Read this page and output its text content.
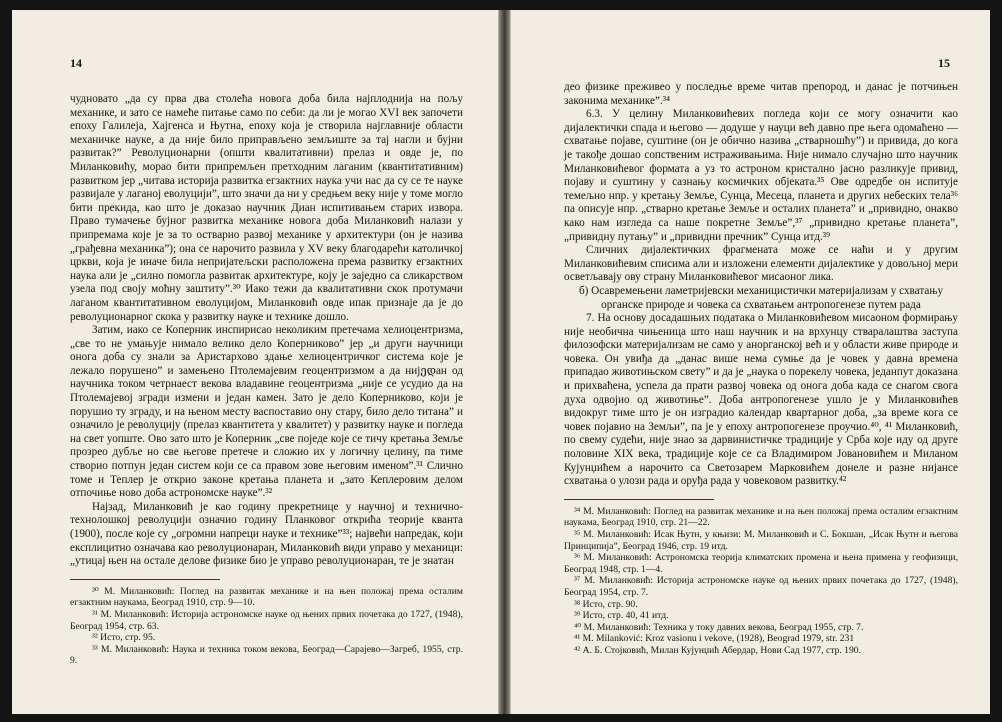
14

чудновато „да су прва два столећа новога доба била најплоднија на пољу механике, и зато се намеће питање само по себи: да ли је могао XVI век започети епоху Галилеја, Хајгенса и Њутна, епоху која је створила најглавније области механичке науке, а да није било приправљено земљиште за тај нагли и бујни развитак?” Револуционарни (општи квалитативни) прелаз и овде је, по Миланковићу, морао бити припремљен претходним лаганим (квантитативним) развитком јер „читава историја развитка егзактних наука учи нас да су се те науке развијале у лаганој еволуцији”, што значи да ни у средњем веку није у томе могло бити прекида, као што је доказао научник Диан испитивањем старих извора. Право тумачење бујног развитка механике новога доба Миланковић налази у припремама које је за то остварио развој механике у архитектури (он је назива „грађевна механика”); она се нарочито развила у XV веку благодарећи католичкој цркви, која је иначе била непријатељски расположена према развитку егзактних наука али је „силно помогла развитак архитектуре, коју је заједно са сликарством узела под своју моћну заштиту”.³⁰ Иако тежи да квалитативни скок протумачи лаганом квантитативном еволуцијом, Миланковић овде ипак признаје да је до револуционарног скока у развитку науке и технике дошло.

Затим, иако се Коперник инспирисао неколиким претечама хелиоцентризма, „све то не умањује нимало велико дело Коперниково” јер „и други научници онога доба су знали за Аристархово здање хелиоцентричког система које је лежало порушено” и замењено Птолемајевим геоцентризмом а да нијედан од научника током четрнаест векова владавине геоцентризма „није се усудио да на Птолемајевој згради измени и један камен. Зато је дело Коперниково, који је порушио ту зграду, и на њеном месту васпоставио ону стару, било дело титана” и означило је револуцију (прелаз квантитета у квалитет) у развитку науке и погледа на свет уопште. Ово зато што је Коперник „све поједе које се тичу кретања Земље прозрео дубље но све његове претече и сложио их у логичну целину, па тиме створио потпун један систем који се са правом зове његовим именом”.³¹ Слично томе и Теплер је открио законе кретања планета и „зато Кеплеровим делом отпочиње ново доба астрономске науке”.³²

Најзад, Миланковић је као годину прекретнице у научној и технично-технолошкој револуцији означио годину Планковог открића теорије кванта (1900), после које су „огромни напреци науке и технике”³³; највећи напредак, који експлицитно означава као револуционаран, Миланковић види управо у механици: „утицај њен на остале делове физике био је управо револуционаран, те је знатан

³⁰ М. Миланковић: Поглед на развитак механике и на њен положај према осталим егзактним наукама, Београд 1910, стр. 9—10.

³¹ М. Миланковић: Историја астрономске науке од њених првих почетака до 1727, (1948), Београд 1954, стр. 63.

³² Исто, стр. 95.

³³ М. Миланковић: Наука и техника током векова, Београд—Сарајево—Загреб, 1955, стр. 9.

15

део физике преживео у последње време читав препород, и данас је потчињен законима механике”.³⁴

6.3. У целину Миланковићевих погледа који се могу означити као дијалектички спада и његово — додуше у науци већ давно пре њега одомаћено — схватање појаве, суштине (он је обично назива „стварношћу”) и привида, до кога је такође дошао сопственим истраживањима. Није нимало случајно што научник Миланковићевог формата а уз то астроном кристално јасно разликује привид, појаву и суштину у сазнању космичких објеката.³⁵ Ове одредбе он испитује темељно нпр. у кретању Земље, Сунца, Месеца, планета и других небеских тела³⁶ па описује нпр. „стварно кретање Земље и осталих планета” и „привидно, онакво како нам изгледа са наше покретне Земље”,³⁷ „привидно кретање планета”, „привидну путању” и „привидни пречник” Сунца итд.³⁹

Сличних дијалектичких фрагмената може се наћи и у другим Миланковићевим списима али и изложени елементи дијалектике у довољној мери осветљавају ову страну Миланковићевог мисаоног лика.

б) Осавремењени ламетријевски механицистички материјализам у схватању органске природе и човека са схватањем антропогенезе путем рада

7. На основу досадашњих података о Миланковићевом мисаоном формирању није необична чињеница што наш научник и на врхунцу стваралаштва заступа филозофски материјализам не само у анорганској већ и у области живе природе и човека. Он увиђа да „данас више нема сумње да је човек у давна времена припадао животињском свету” и да је „наука о порекелу човека, једанпут доказана и прихваћена, успела да прати развој човека од онога доба када се снагом свога духа одвојио од животиње”. Доба антропогенезе ушло је у Миланковићев видокруг тиме што је он изградио календар квартарног доба, „за време кога се човек појавио на Земљи”, па је у епоху антропогенезе проучио.⁴⁰, ⁴¹ Миланковић, по свему судећи, није знао за дарвинистичке традиције у Срба које иду од друге половине XIX века, традиције које се са Владимиром Јовановићем и Миланом Кујунџићем а нарочито са Светозарем Марковићем донеле и разне нијансе схватања о улози рада и оруђа рада у човековом развитку.⁴²

³⁴ М. Миланковић: Поглед на развитак механике и на њен положај према осталим егзактним наукама, Београд 1910, стр. 21—22.

³⁵ М. Миланковић: Исак Њутн, у књизи: М. Миланковић и С. Бокшан, „Исак Њутн и његова Принципија”, Београд 1946, стр. 19 итд.

³⁶ М. Миланковић: Астрономска теорија климатских промена и њена примена у геофизици, Београд 1948, стр. 1—4.

³⁷ М. Миланковић: Историја астрономске науке од њених првих почетака до 1727, (1948), Београд 1954, стр. 7.

³⁸ Исто, стр. 90.

³⁹ Исто, стр. 40, 41 итд.

⁴⁰ М. Миланковић: Техника у току давних векова, Београд 1955, стр. 7.

⁴¹ M. Milanković: Kroz vasionu i vekove, (1928), Beograd 1979, str. 231

⁴² А. Б. Стојковић, Милан Кујунџић Абердар, Нови Сад 1977, стр. 190.
